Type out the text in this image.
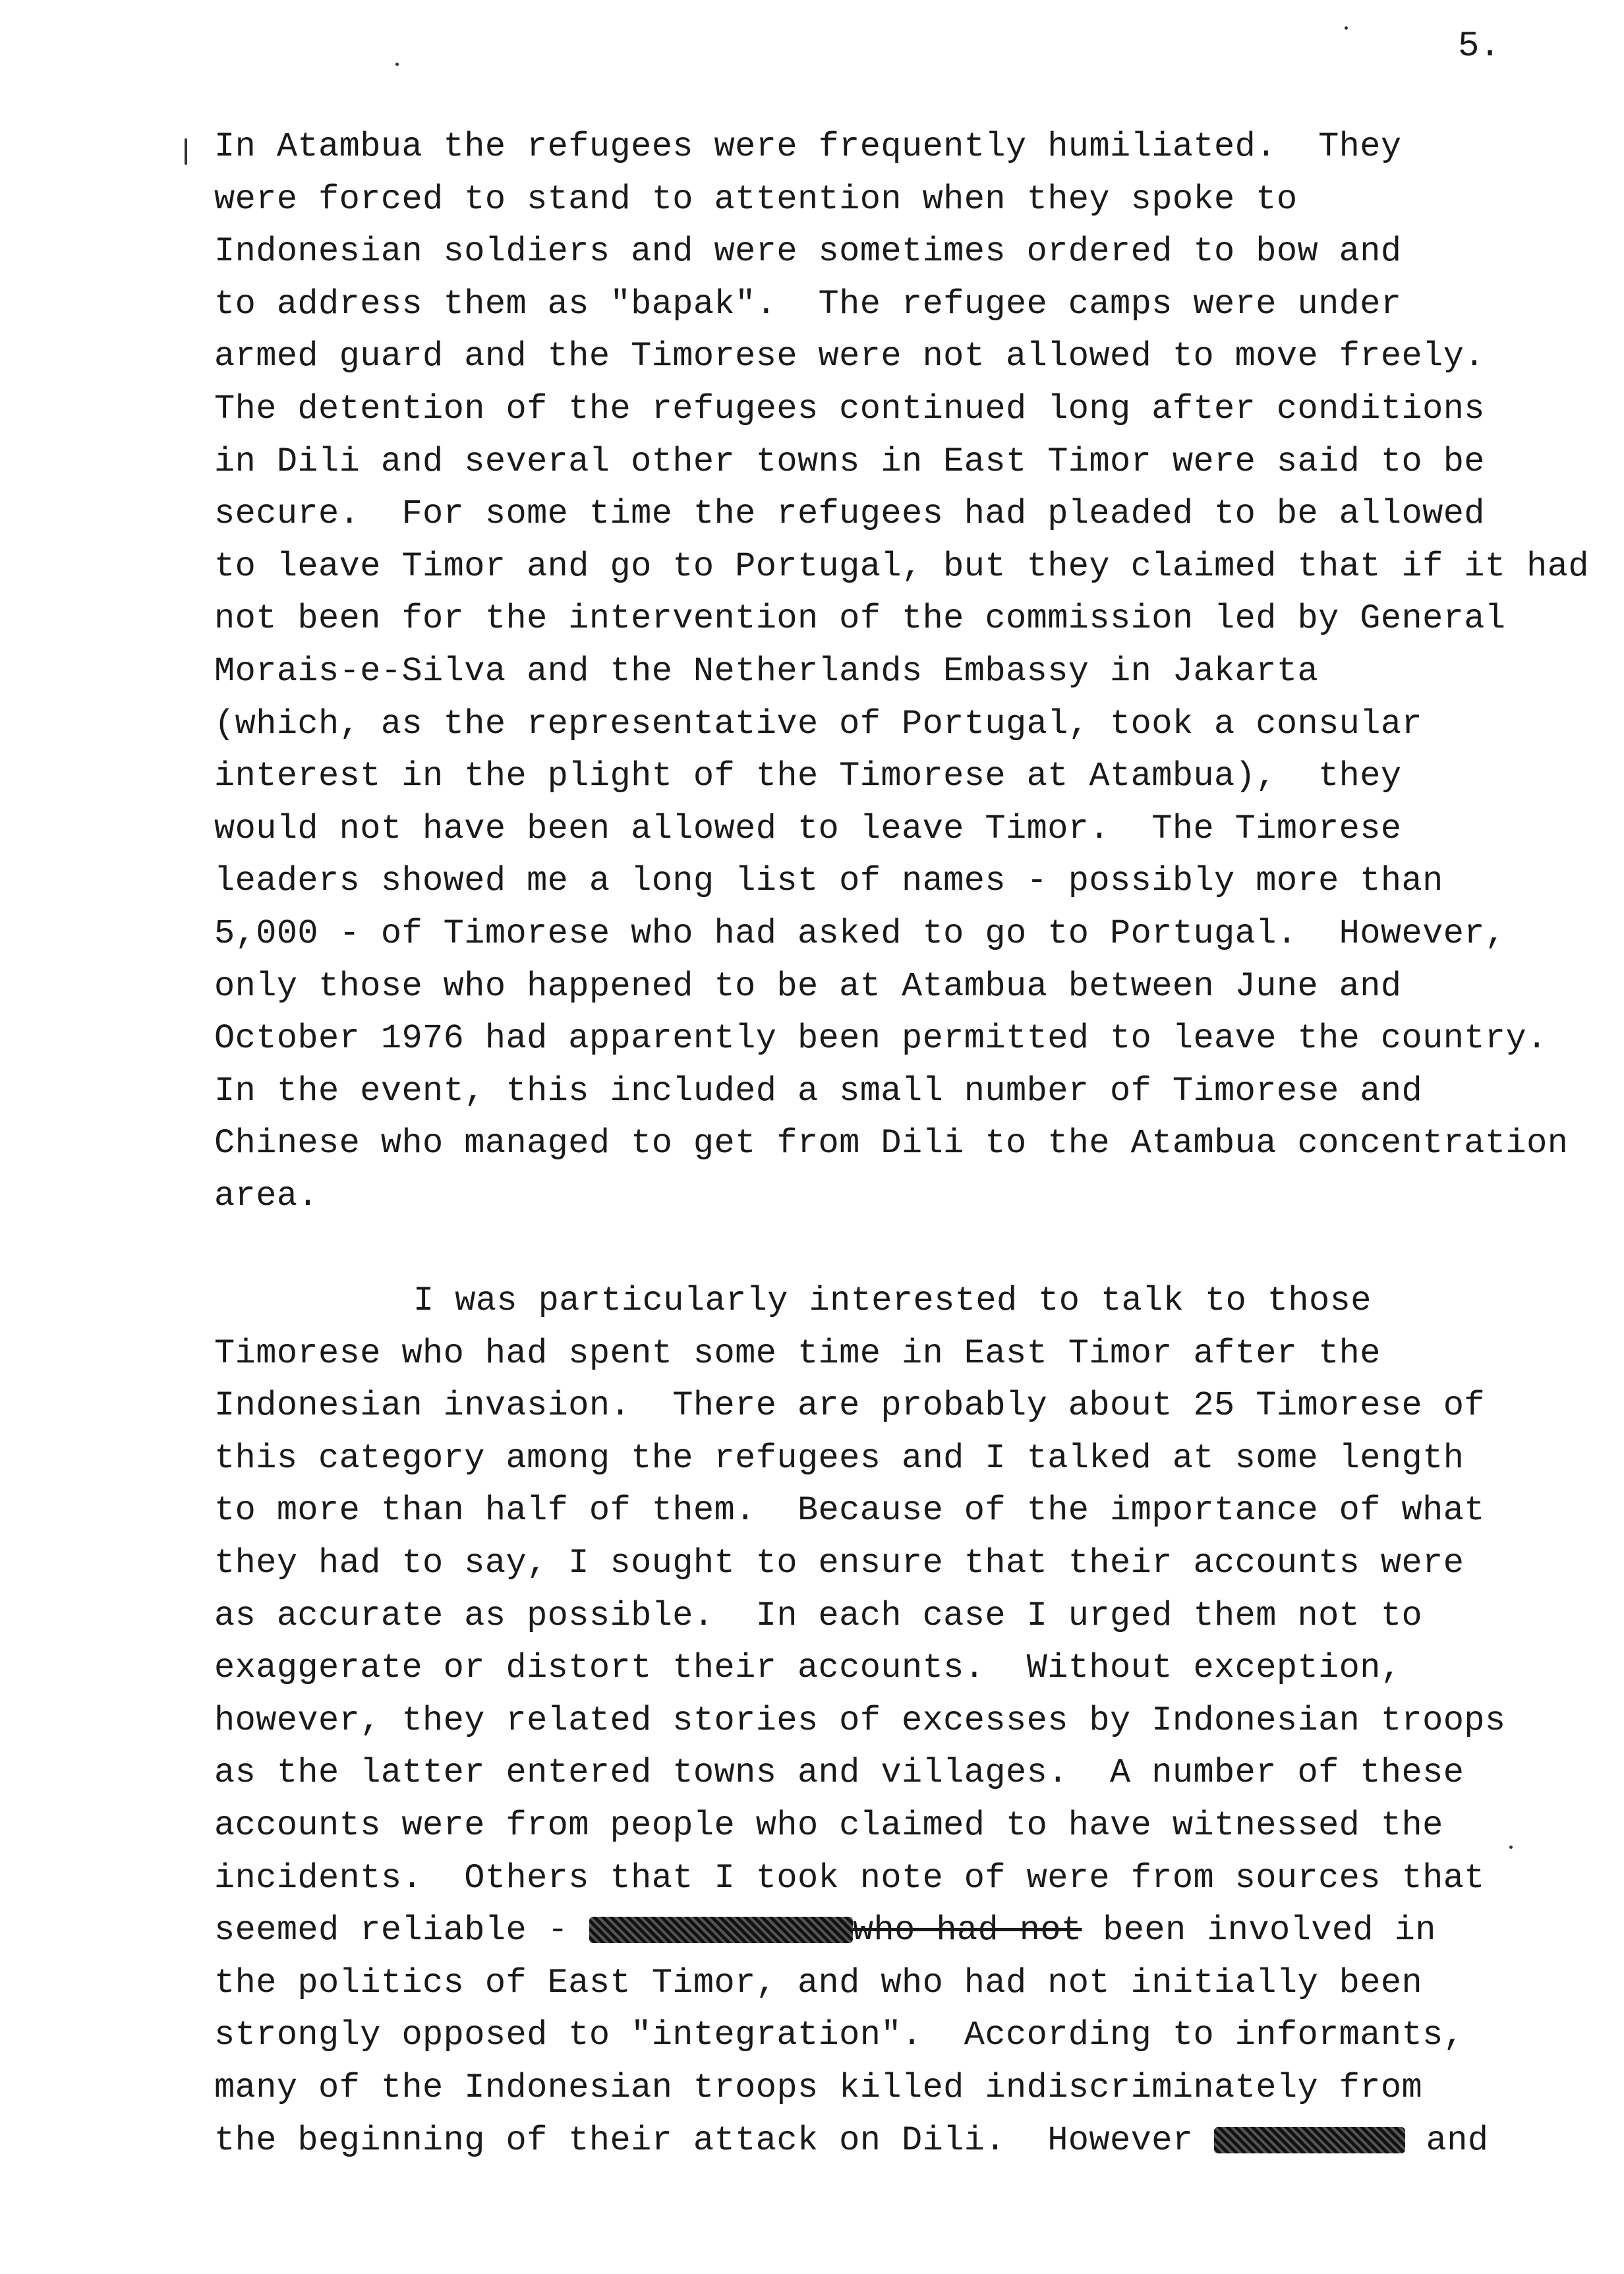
5.
In Atambua the refugees were frequently humiliated.  They
were forced to stand to attention when they spoke to
Indonesian soldiers and were sometimes ordered to bow and
to address them as "bapak".  The refugee camps were under
armed guard and the Timorese were not allowed to move freely.
The detention of the refugees continued long after conditions
in Dili and several other towns in East Timor were said to be
secure.  For some time the refugees had pleaded to be allowed
to leave Timor and go to Portugal, but they claimed that if it had
not been for the intervention of the commission led by General
Morais-e-Silva and the Netherlands Embassy in Jakarta
(which, as the representative of Portugal, took a consular
interest in the plight of the Timorese at Atambua),  they
would not have been allowed to leave Timor.  The Timorese
leaders showed me a long list of names - possibly more than
5,000 - of Timorese who had asked to go to Portugal.  However,
only those who happened to be at Atambua between June and
October 1976 had apparently been permitted to leave the country.
In the event, this included a small number of Timorese and
Chinese who managed to get from Dili to the Atambua concentration
area.
I was particularly interested to talk to those
Timorese who had spent some time in East Timor after the
Indonesian invasion.  There are probably about 25 Timorese of
this category among the refugees and I talked at some length
to more than half of them.  Because of the importance of what
they had to say, I sought to ensure that their accounts were
as accurate as possible.  In each case I urged them not to
exaggerate or distort their accounts.  Without exception,
however, they related stories of excesses by Indonesian troops
as the latter entered towns and villages.  A number of these
accounts were from people who claimed to have witnessed the
incidents.  Others that I took note of were from sources that
seemed reliable -	who had not been involved in
the politics of East Timor, and who had not initially been
strongly opposed to "integration".  According to informants,
many of the Indonesian troops killed indiscriminately from
the beginning of their attack on Dili.  However	and
